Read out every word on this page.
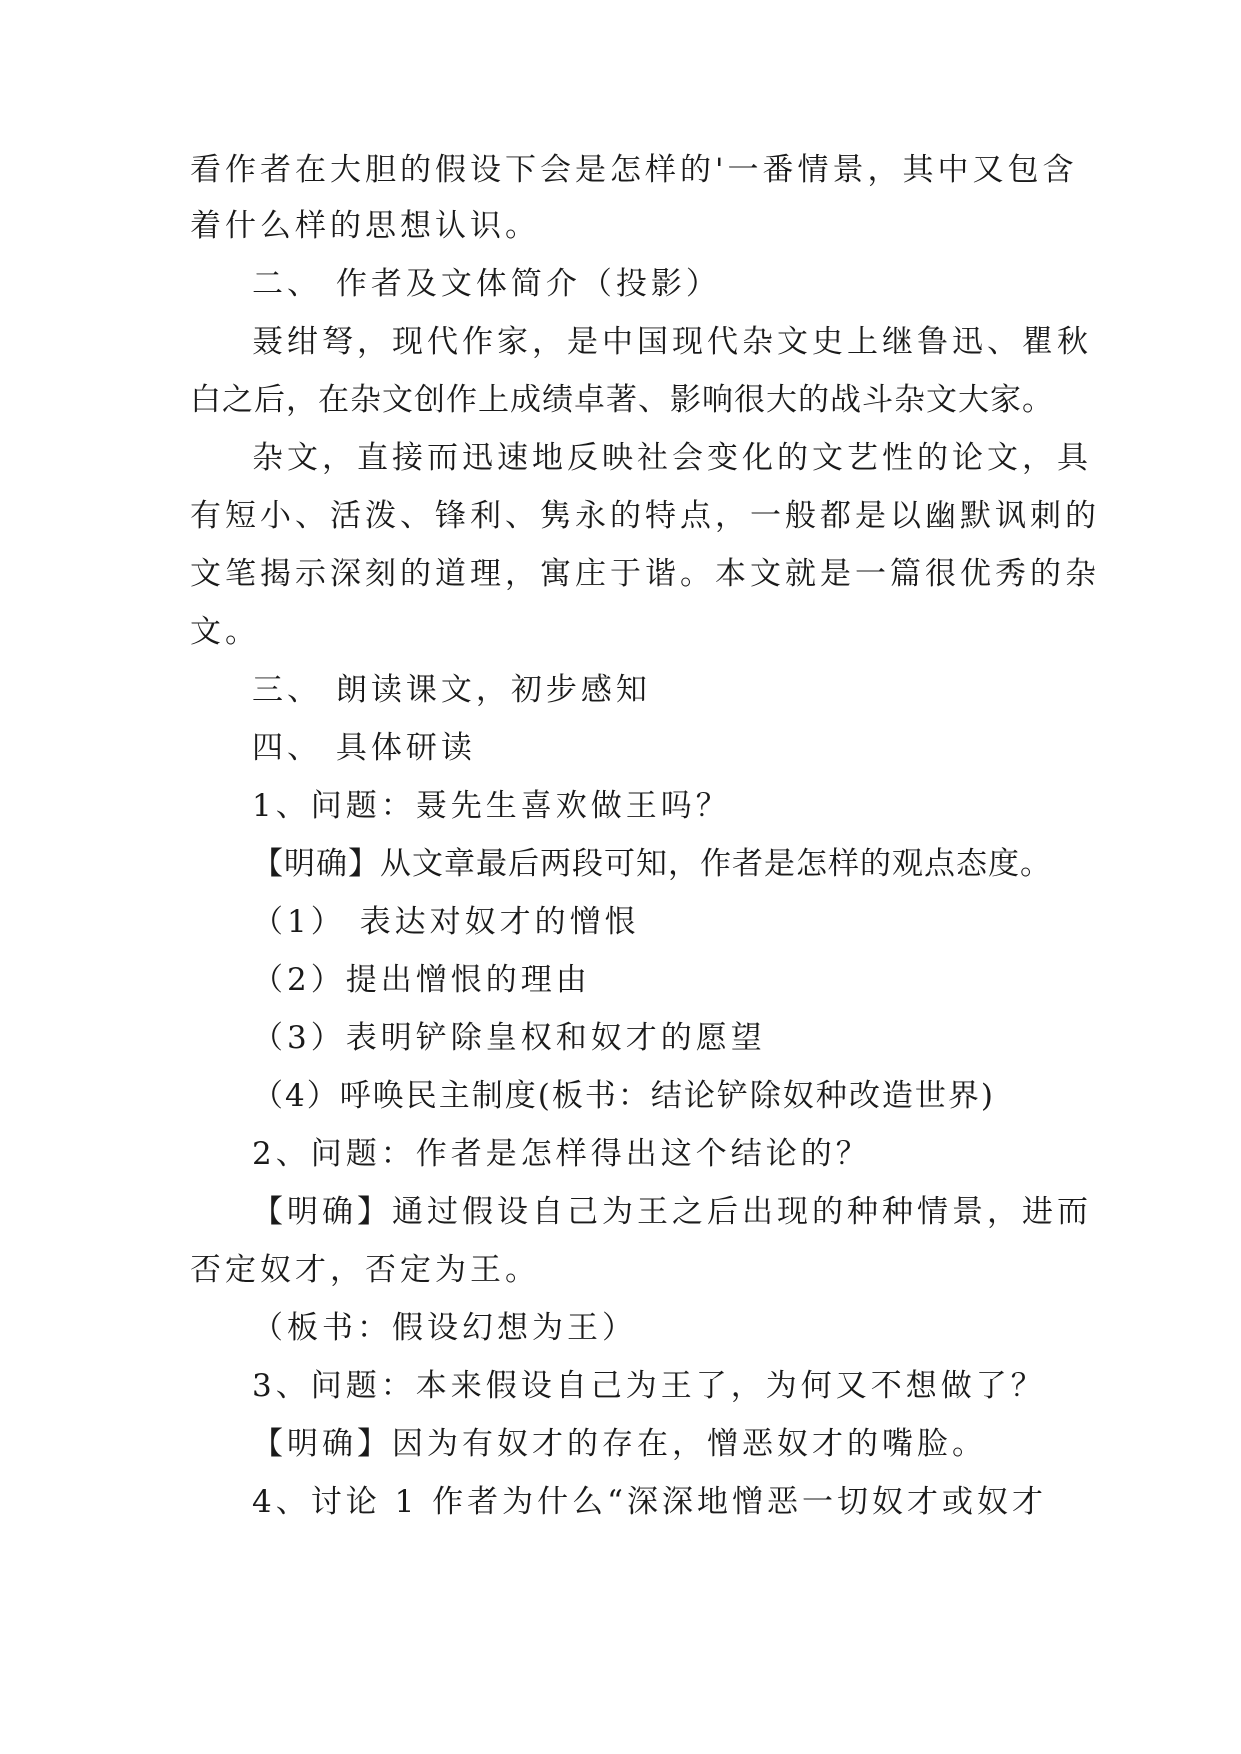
看作者在大胆的假设下会是怎样的'一番情景，其中又包含
着什么样的思想认识。
二、 作者及文体简介（投影）
聂绀弩，现代作家，是中国现代杂文史上继鲁迅、瞿秋
白之后，在杂文创作上成绩卓著、影响很大的战斗杂文大家。
杂文，直接而迅速地反映社会变化的文艺性的论文，具
有短小、活泼、锋利、隽永的特点，一般都是以幽默讽刺的
文笔揭示深刻的道理，寓庄于谐。本文就是一篇很优秀的杂
文。
三、 朗读课文，初步感知
四、 具体研读
1、问题：聂先生喜欢做王吗？
【明确】从文章最后两段可知，作者是怎样的观点态度。
（1） 表达对奴才的憎恨
（2）提出憎恨的理由
（3）表明铲除皇权和奴才的愿望
（4）呼唤民主制度(板书：结论铲除奴种改造世界)
2、问题：作者是怎样得出这个结论的？
【明确】通过假设自己为王之后出现的种种情景，进而
否定奴才，否定为王。
（板书：假设幻想为王）
3、问题：本来假设自己为王了，为何又不想做了？
【明确】因为有奴才的存在，憎恶奴才的嘴脸。
4、讨论 1 作者为什么“深深地憎恶一切奴才或奴才
